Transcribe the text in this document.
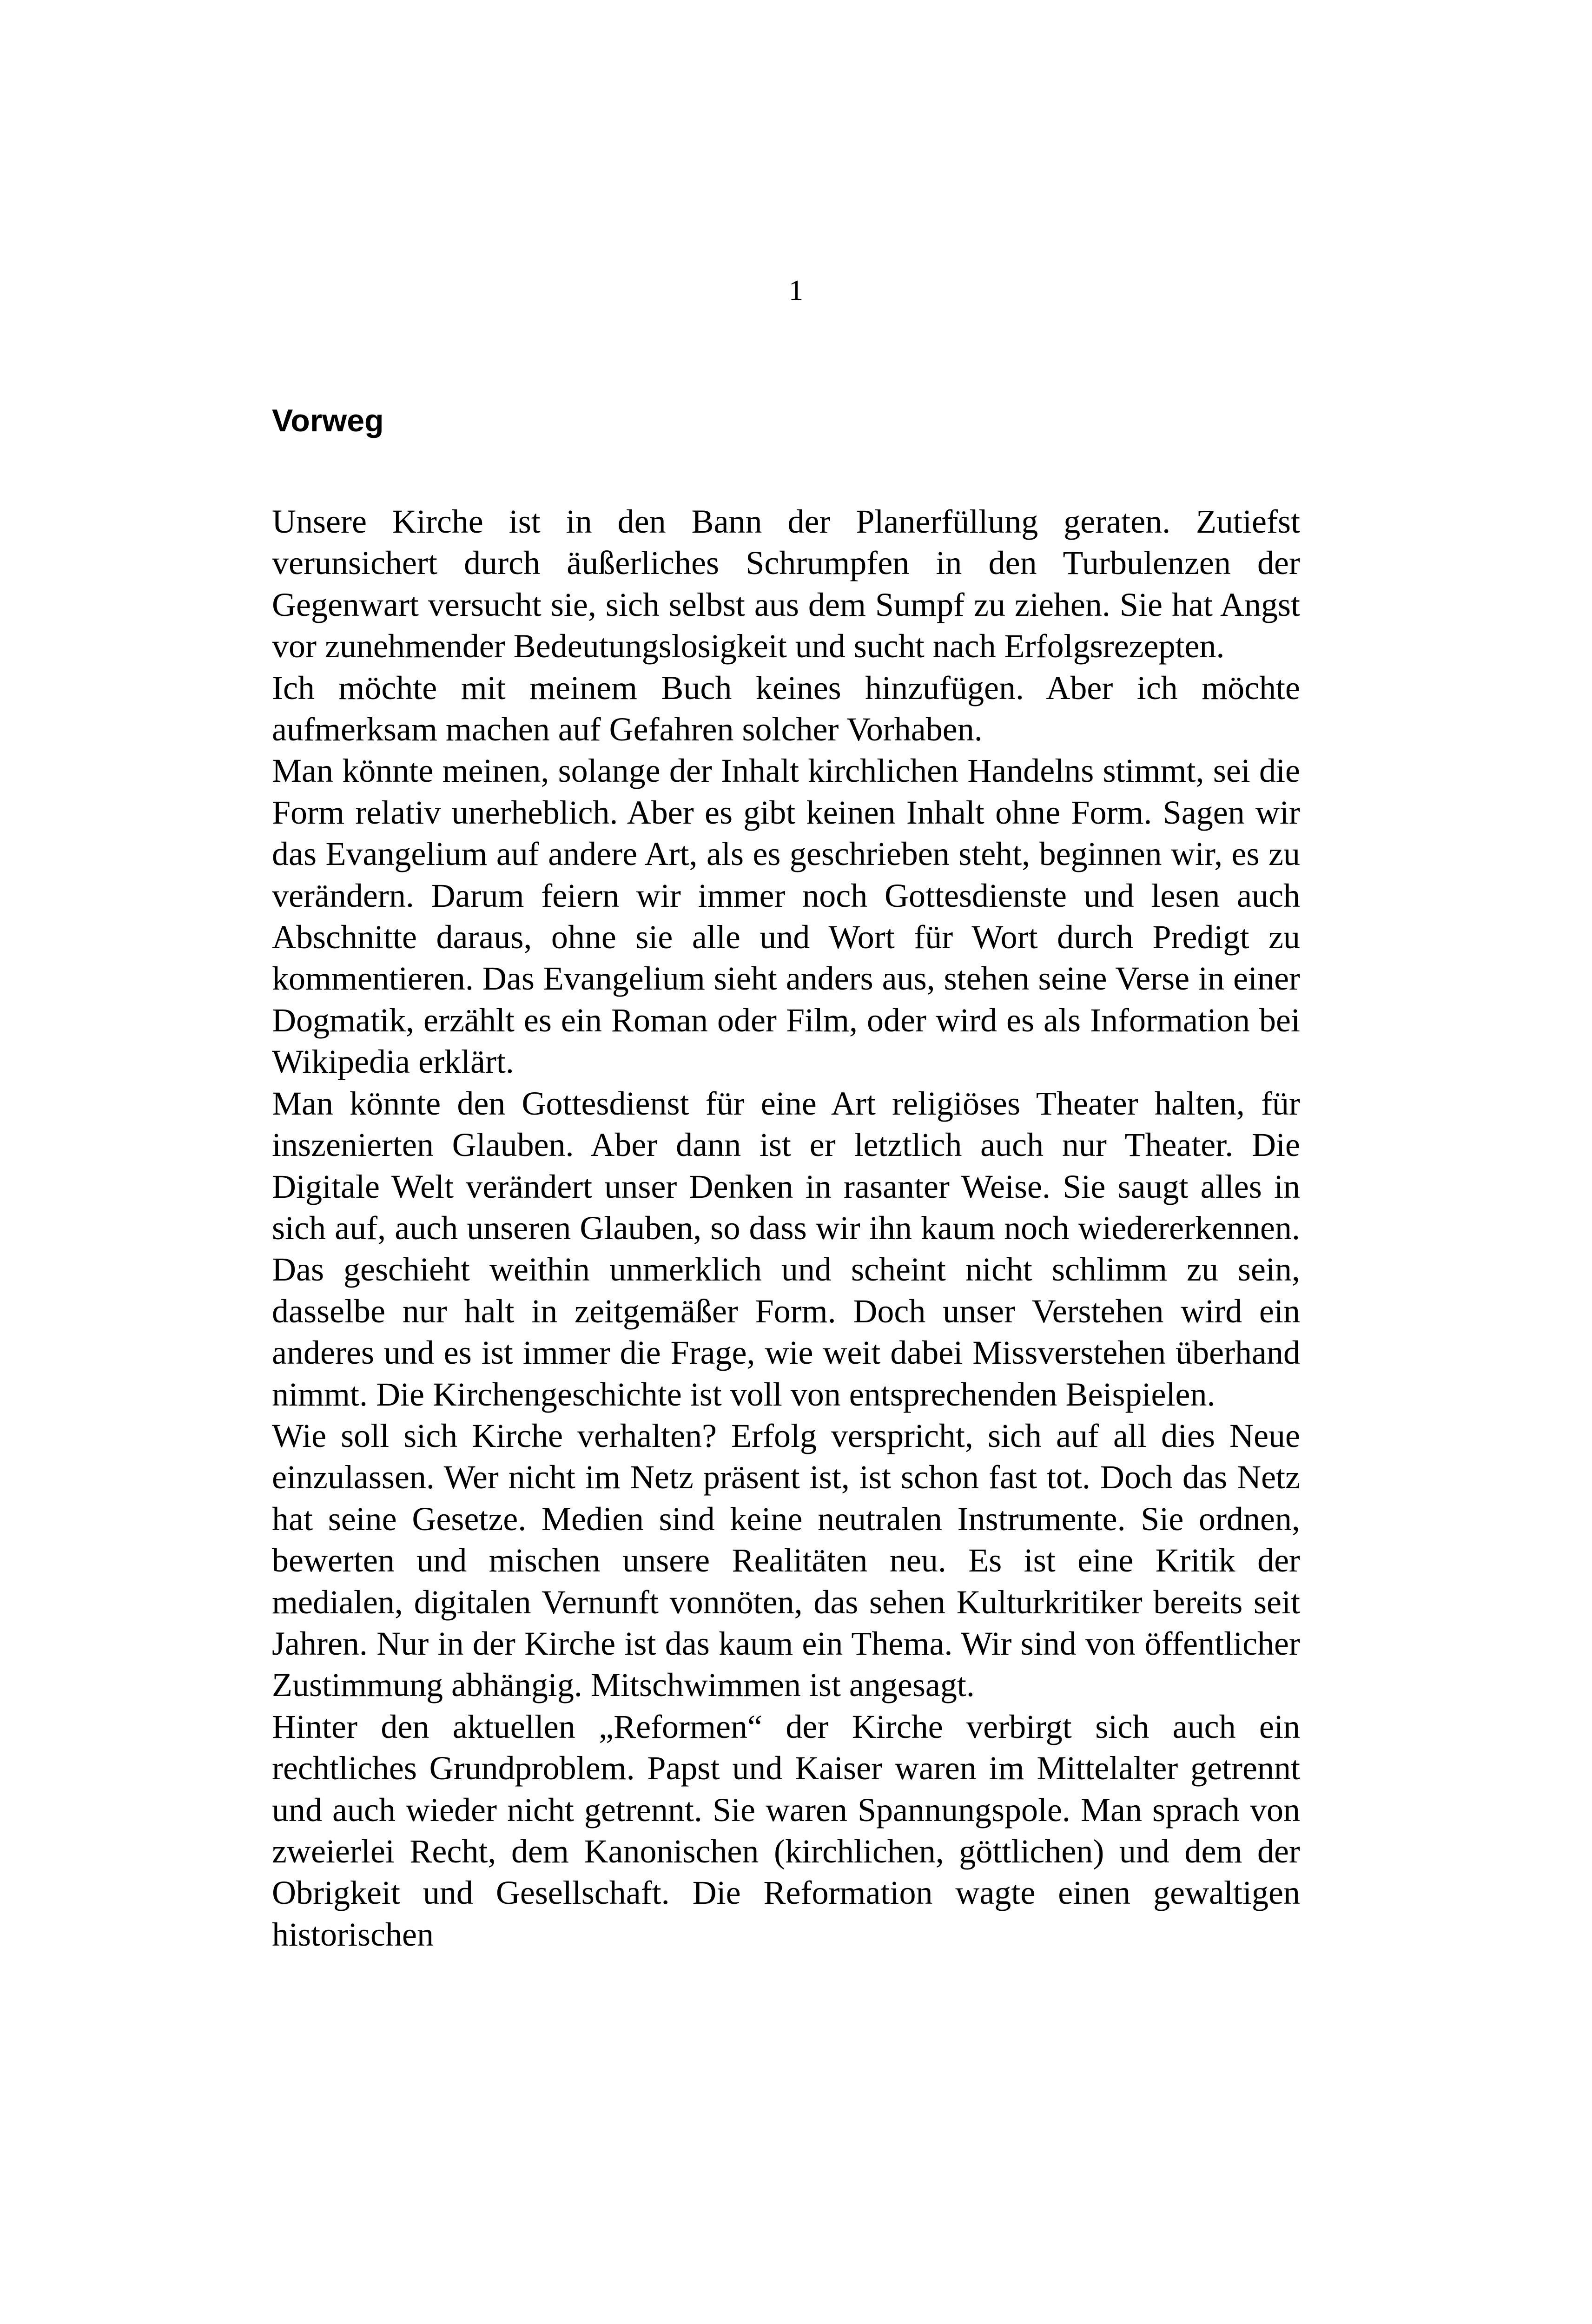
1
Vorweg

Unsere Kirche ist in den Bann der Planerfüllung geraten. Zutiefst verunsichert durch äußerliches Schrumpfen in den Turbulenzen der Gegenwart versucht sie, sich selbst aus dem Sumpf zu ziehen. Sie hat Angst vor zunehmender Bedeutungslosigkeit und sucht nach Erfolgsrezepten.

Ich möchte mit meinem Buch keines hinzufügen. Aber ich möchte aufmerksam machen auf Gefahren solcher Vorhaben.

Man könnte meinen, solange der Inhalt kirchlichen Handelns stimmt, sei die Form relativ unerheblich. Aber es gibt keinen Inhalt ohne Form. Sagen wir das Evangelium auf andere Art, als es geschrieben steht, beginnen wir, es zu verändern. Darum feiern wir immer noch Gottesdienste und lesen auch Abschnitte daraus, ohne sie alle und Wort für Wort durch Predigt zu kommentieren. Das Evangelium sieht anders aus, stehen seine Verse in einer Dogmatik, erzählt es ein Roman oder Film, oder wird es als Information bei Wikipedia erklärt.

Man könnte den Gottesdienst für eine Art religiöses Theater halten, für inszenierten Glauben. Aber dann ist er letztlich auch nur Theater. Die Digitale Welt verändert unser Denken in rasanter Weise. Sie saugt alles in sich auf, auch unseren Glauben, so dass wir ihn kaum noch wiedererkennen. Das geschieht weithin unmerklich und scheint nicht schlimm zu sein, dasselbe nur halt in zeitgemäßer Form. Doch unser Verstehen wird ein anderes und es ist immer die Frage, wie weit dabei Missverstehen überhand nimmt. Die Kirchengeschichte ist voll von entsprechenden Beispielen.

Wie soll sich Kirche verhalten? Erfolg verspricht, sich auf all dies Neue einzulassen. Wer nicht im Netz präsent ist, ist schon fast tot. Doch das Netz hat seine Gesetze. Medien sind keine neutralen Instrumente. Sie ordnen, bewerten und mischen unsere Realitäten neu. Es ist eine Kritik der medialen, digitalen Vernunft vonnöten, das sehen Kulturkritiker bereits seit Jahren. Nur in der Kirche ist das kaum ein Thema. Wir sind von öffentlicher Zustimmung abhängig. Mitschwimmen ist angesagt.

Hinter den aktuellen „Reformen“ der Kirche verbirgt sich auch ein rechtliches Grundproblem. Papst und Kaiser waren im Mittelalter getrennt und auch wieder nicht getrennt. Sie waren Spannungspole. Man sprach von zweierlei Recht, dem Kanonischen (kirchlichen, göttlichen) und dem der Obrigkeit und Gesellschaft. Die Reformation wagte einen gewaltigen historischen
